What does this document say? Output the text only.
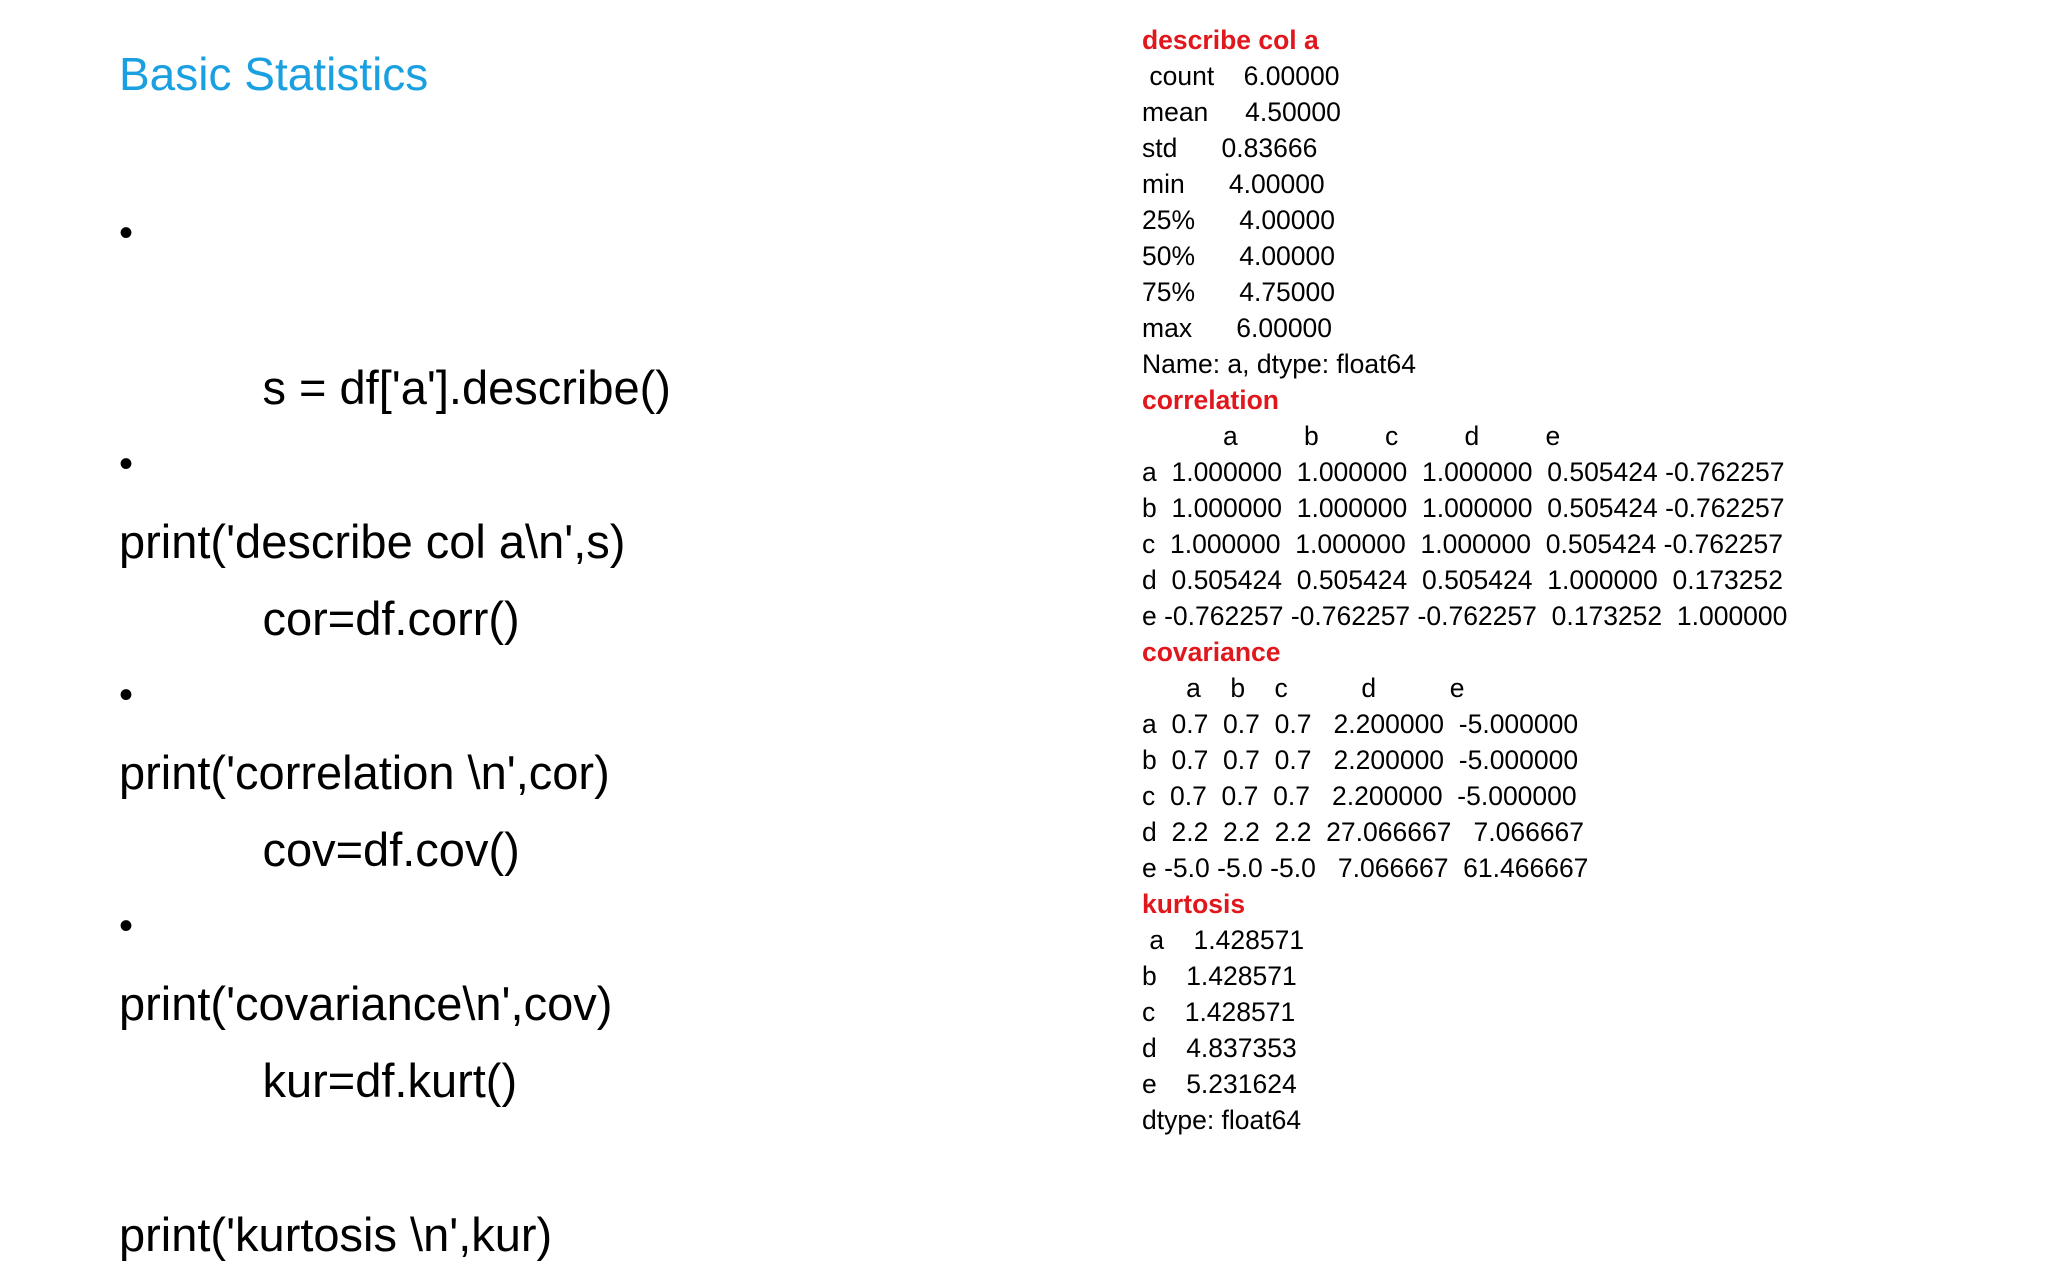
Basic Statistics

•

s = df['a'].describe()

print('describe col a\n',s)

•

cor=df.corr()

print('correlation \n',cor)

•

cov=df.cov()

print('covariance\n',cov)

•

kur=df.kurt()

print('kurtosis \n',kur)
describe col a
count    6.00000
mean     4.50000
std      0.83666
min      4.00000
25%      4.00000
50%      4.00000
75%      4.75000
max      6.00000
Name: a, dtype: float64
correlation
a         b         c         d         e
a  1.000000  1.000000  1.000000  0.505424 -0.762257
b  1.000000  1.000000  1.000000  0.505424 -0.762257
c  1.000000  1.000000  1.000000  0.505424 -0.762257
d  0.505424  0.505424  0.505424  1.000000  0.173252
e -0.762257 -0.762257 -0.762257  0.173252  1.000000
covariance
a    b    c          d          e
a  0.7  0.7  0.7   2.200000  -5.000000
b  0.7  0.7  0.7   2.200000  -5.000000
c  0.7  0.7  0.7   2.200000  -5.000000
d  2.2  2.2  2.2  27.066667   7.066667
e -5.0 -5.0 -5.0   7.066667  61.466667
kurtosis
a    1.428571
b    1.428571
c    1.428571
d    4.837353
e    5.231624
dtype: float64
